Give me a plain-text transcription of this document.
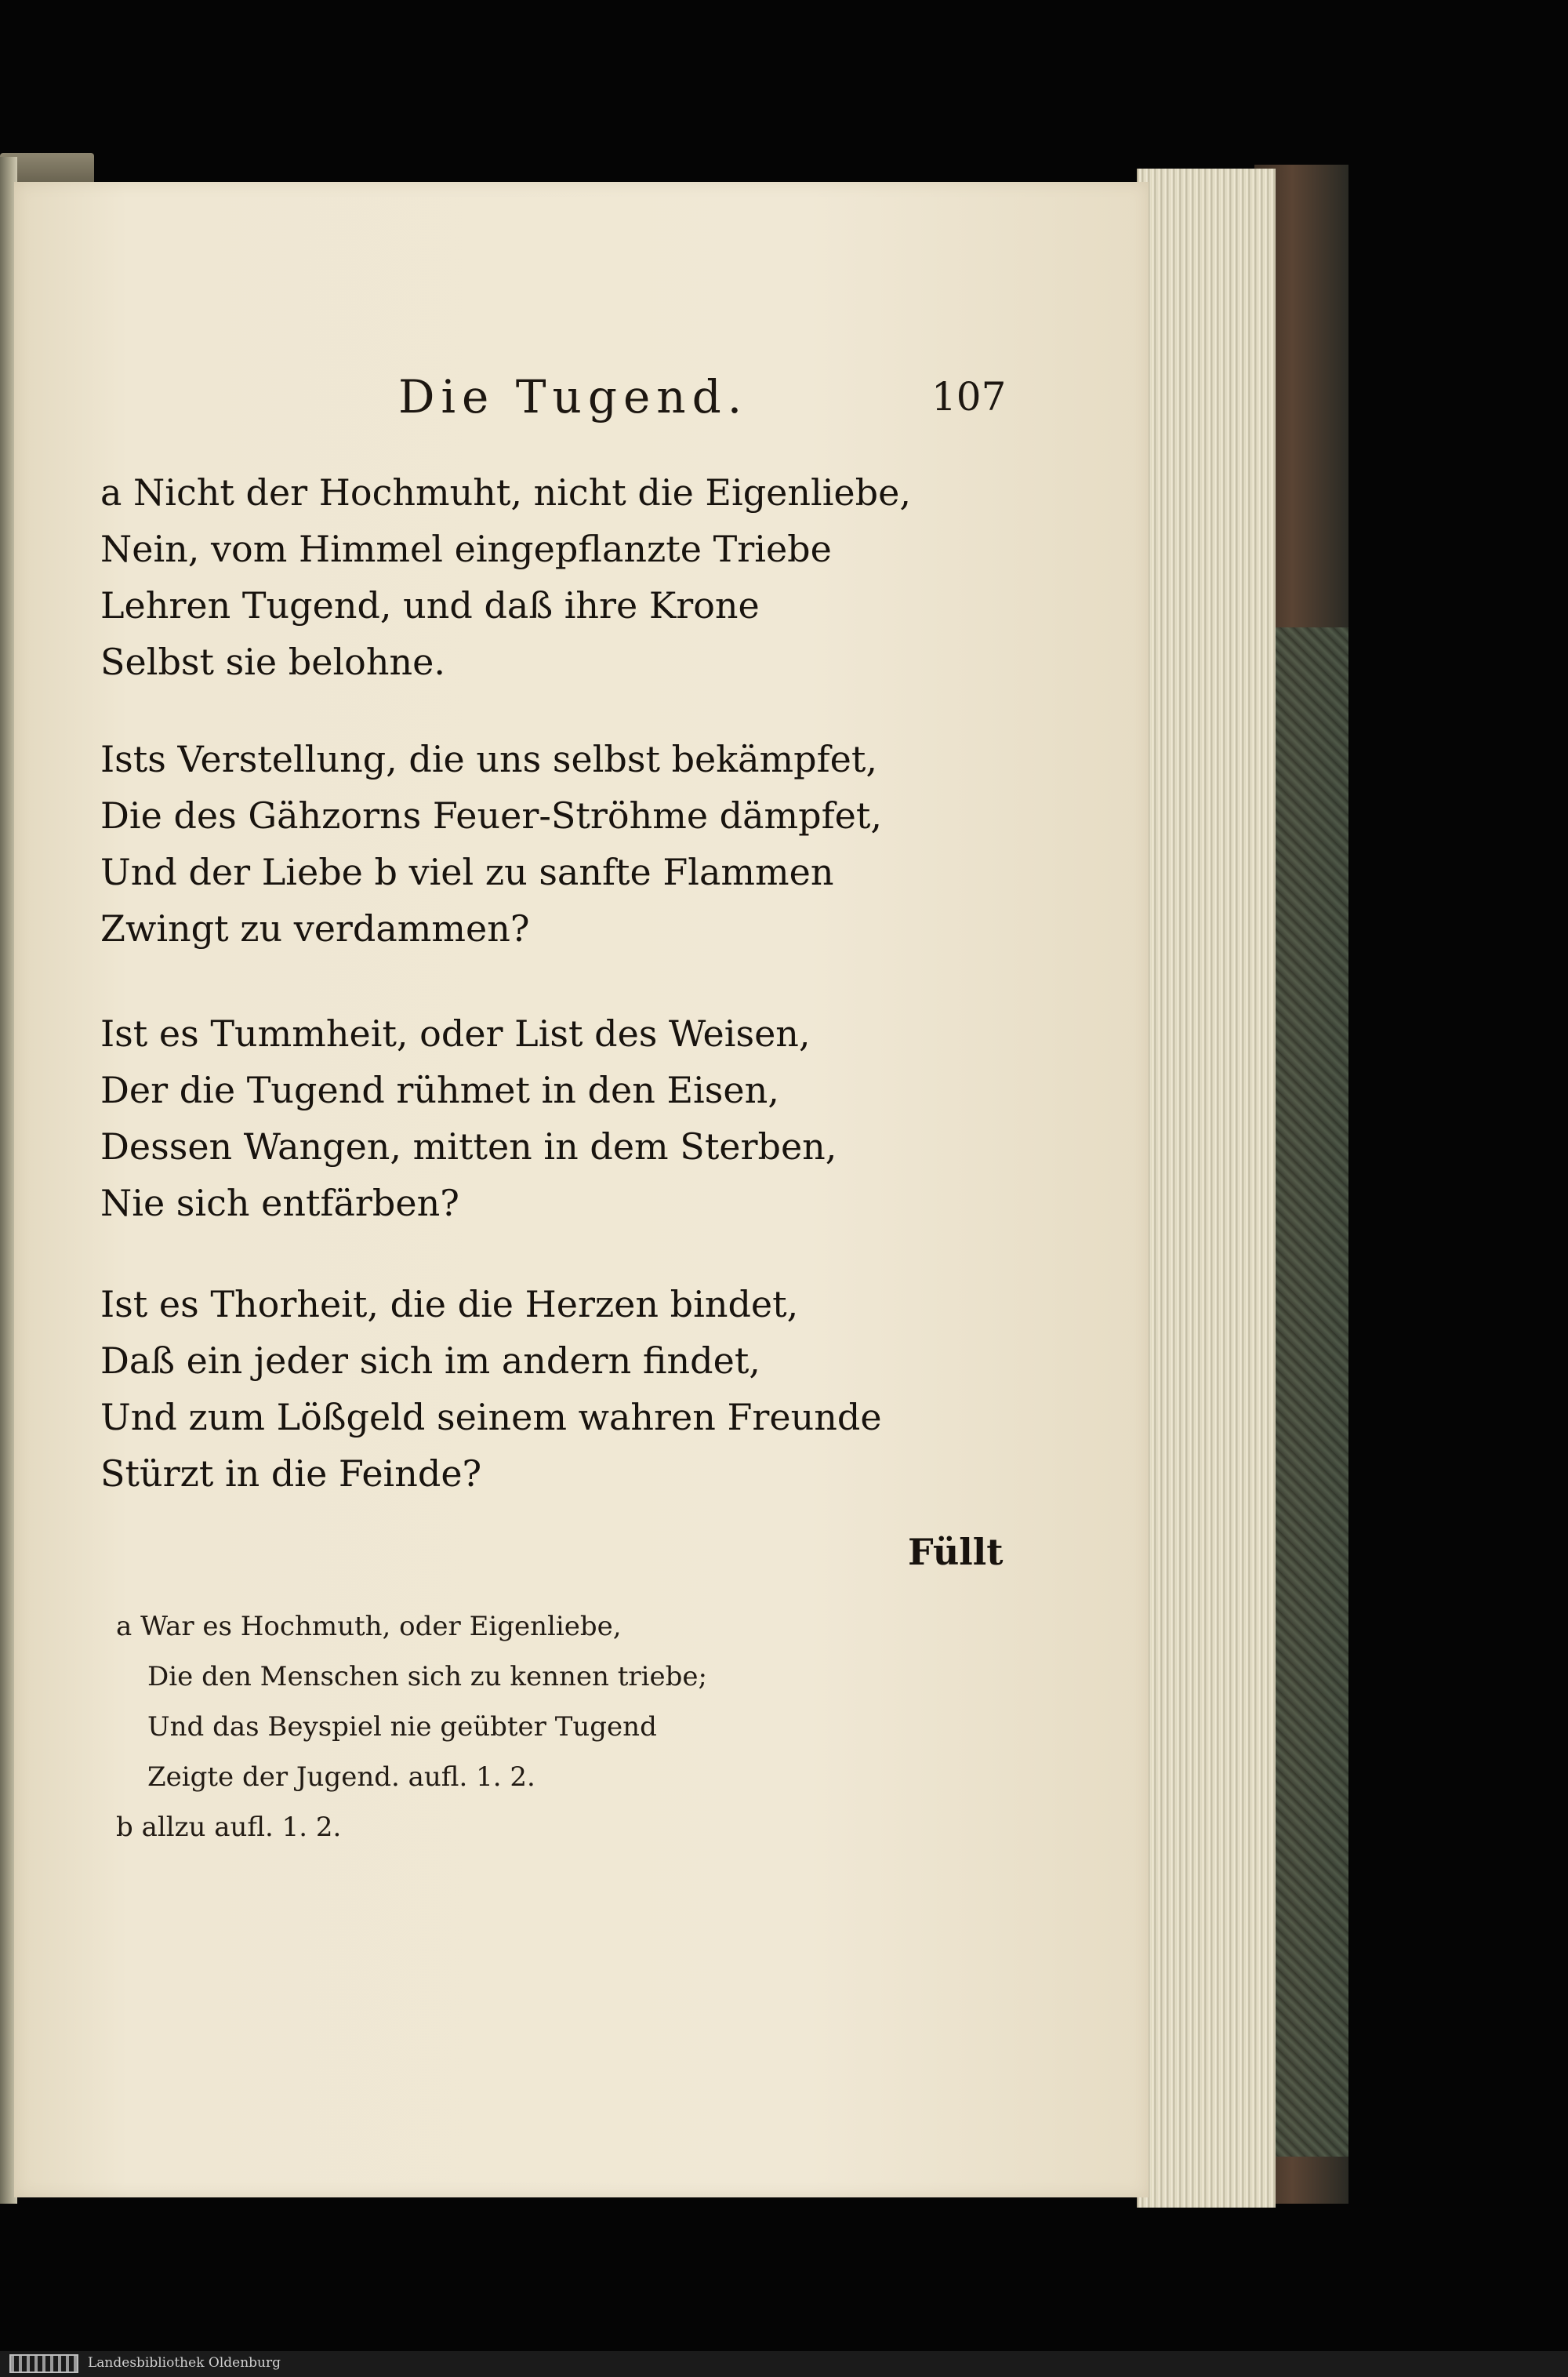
Die Tugend.	107
a Nicht der Hochmuht, nicht die Eigenliebe,
Nein, vom Himmel eingepflanzte Triebe
Lehren Tugend, und daß ihre Krone
Selbst sie belohne.
Ists Verstellung, die uns selbst bekämpfet,
Die des Gähzorns Feuer-Ströhme dämpfet,
Und der Liebe b viel zu sanfte Flammen
Zwingt zu verdammen?
Ist es Tummheit, oder List des Weisen,
Der die Tugend rühmet in den Eisen,
Dessen Wangen, mitten in dem Sterben,
Nie sich entfärben?
Ist es Thorheit, die die Herzen bindet,
Daß ein jeder sich im andern findet,
Und zum Lößgeld seinem wahren Freunde
Stürzt in die Feinde?
Füllt
a War es Hochmuth, oder Eigenliebe,
Die den Menschen sich zu kennen triebe;
Und das Beyspiel nie geübter Tugend
Zeigte der Jugend. aufl. 1. 2.
b allzu aufl. 1. 2.
Landesbibliothek Oldenburg
